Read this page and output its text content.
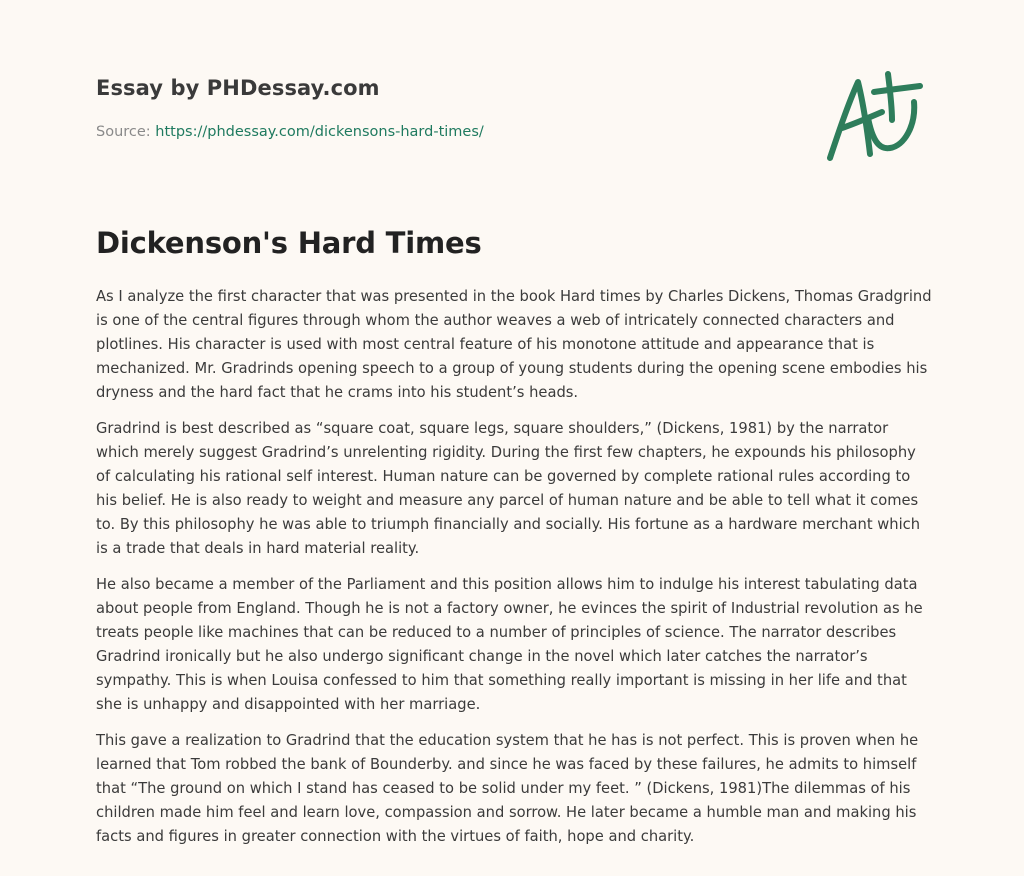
Essay by PHDessay.com

Source: https://phdessay.com/dickensons-hard-times/

Dickenson's Hard Times

As I analyze the first character that was presented in the book Hard times by Charles Dickens, Thomas Gradgrind is one of the central figures through whom the author weaves a web of intricately connected characters and plotlines. His character is used with most central feature of his monotone attitude and appearance that is mechanized. Mr. Gradrinds opening speech to a group of young students during the opening scene embodies his dryness and the hard fact that he crams into his student’s heads.

Gradrind is best described as “square coat, square legs, square shoulders,” (Dickens, 1981) by the narrator which merely suggest Gradrind’s unrelenting rigidity. During the first few chapters, he expounds his philosophy of calculating his rational self interest. Human nature can be governed by complete rational rules according to his belief. He is also ready to weight and measure any parcel of human nature and be able to tell what it comes to. By this philosophy he was able to triumph financially and socially. His fortune as a hardware merchant which is a trade that deals in hard material reality.

He also became a member of the Parliament and this position allows him to indulge his interest tabulating data about people from England. Though he is not a factory owner, he evinces the spirit of Industrial revolution as he treats people like machines that can be reduced to a number of principles of science. The narrator describes Gradrind ironically but he also undergo significant change in the novel which later catches the narrator’s sympathy. This is when Louisa confessed to him that something really important is missing in her life and that she is unhappy and disappointed with her marriage.

This gave a realization to Gradrind that the education system that he has is not perfect. This is proven when he learned that Tom robbed the bank of Bounderby. and since he was faced by these failures, he admits to himself that “The ground on which I stand has ceased to be solid under my feet. ” (Dickens, 1981)The dilemmas of his children made him feel and learn love, compassion and sorrow. He later became a humble man and making his facts and figures in greater connection with the virtues of faith, hope and charity.
